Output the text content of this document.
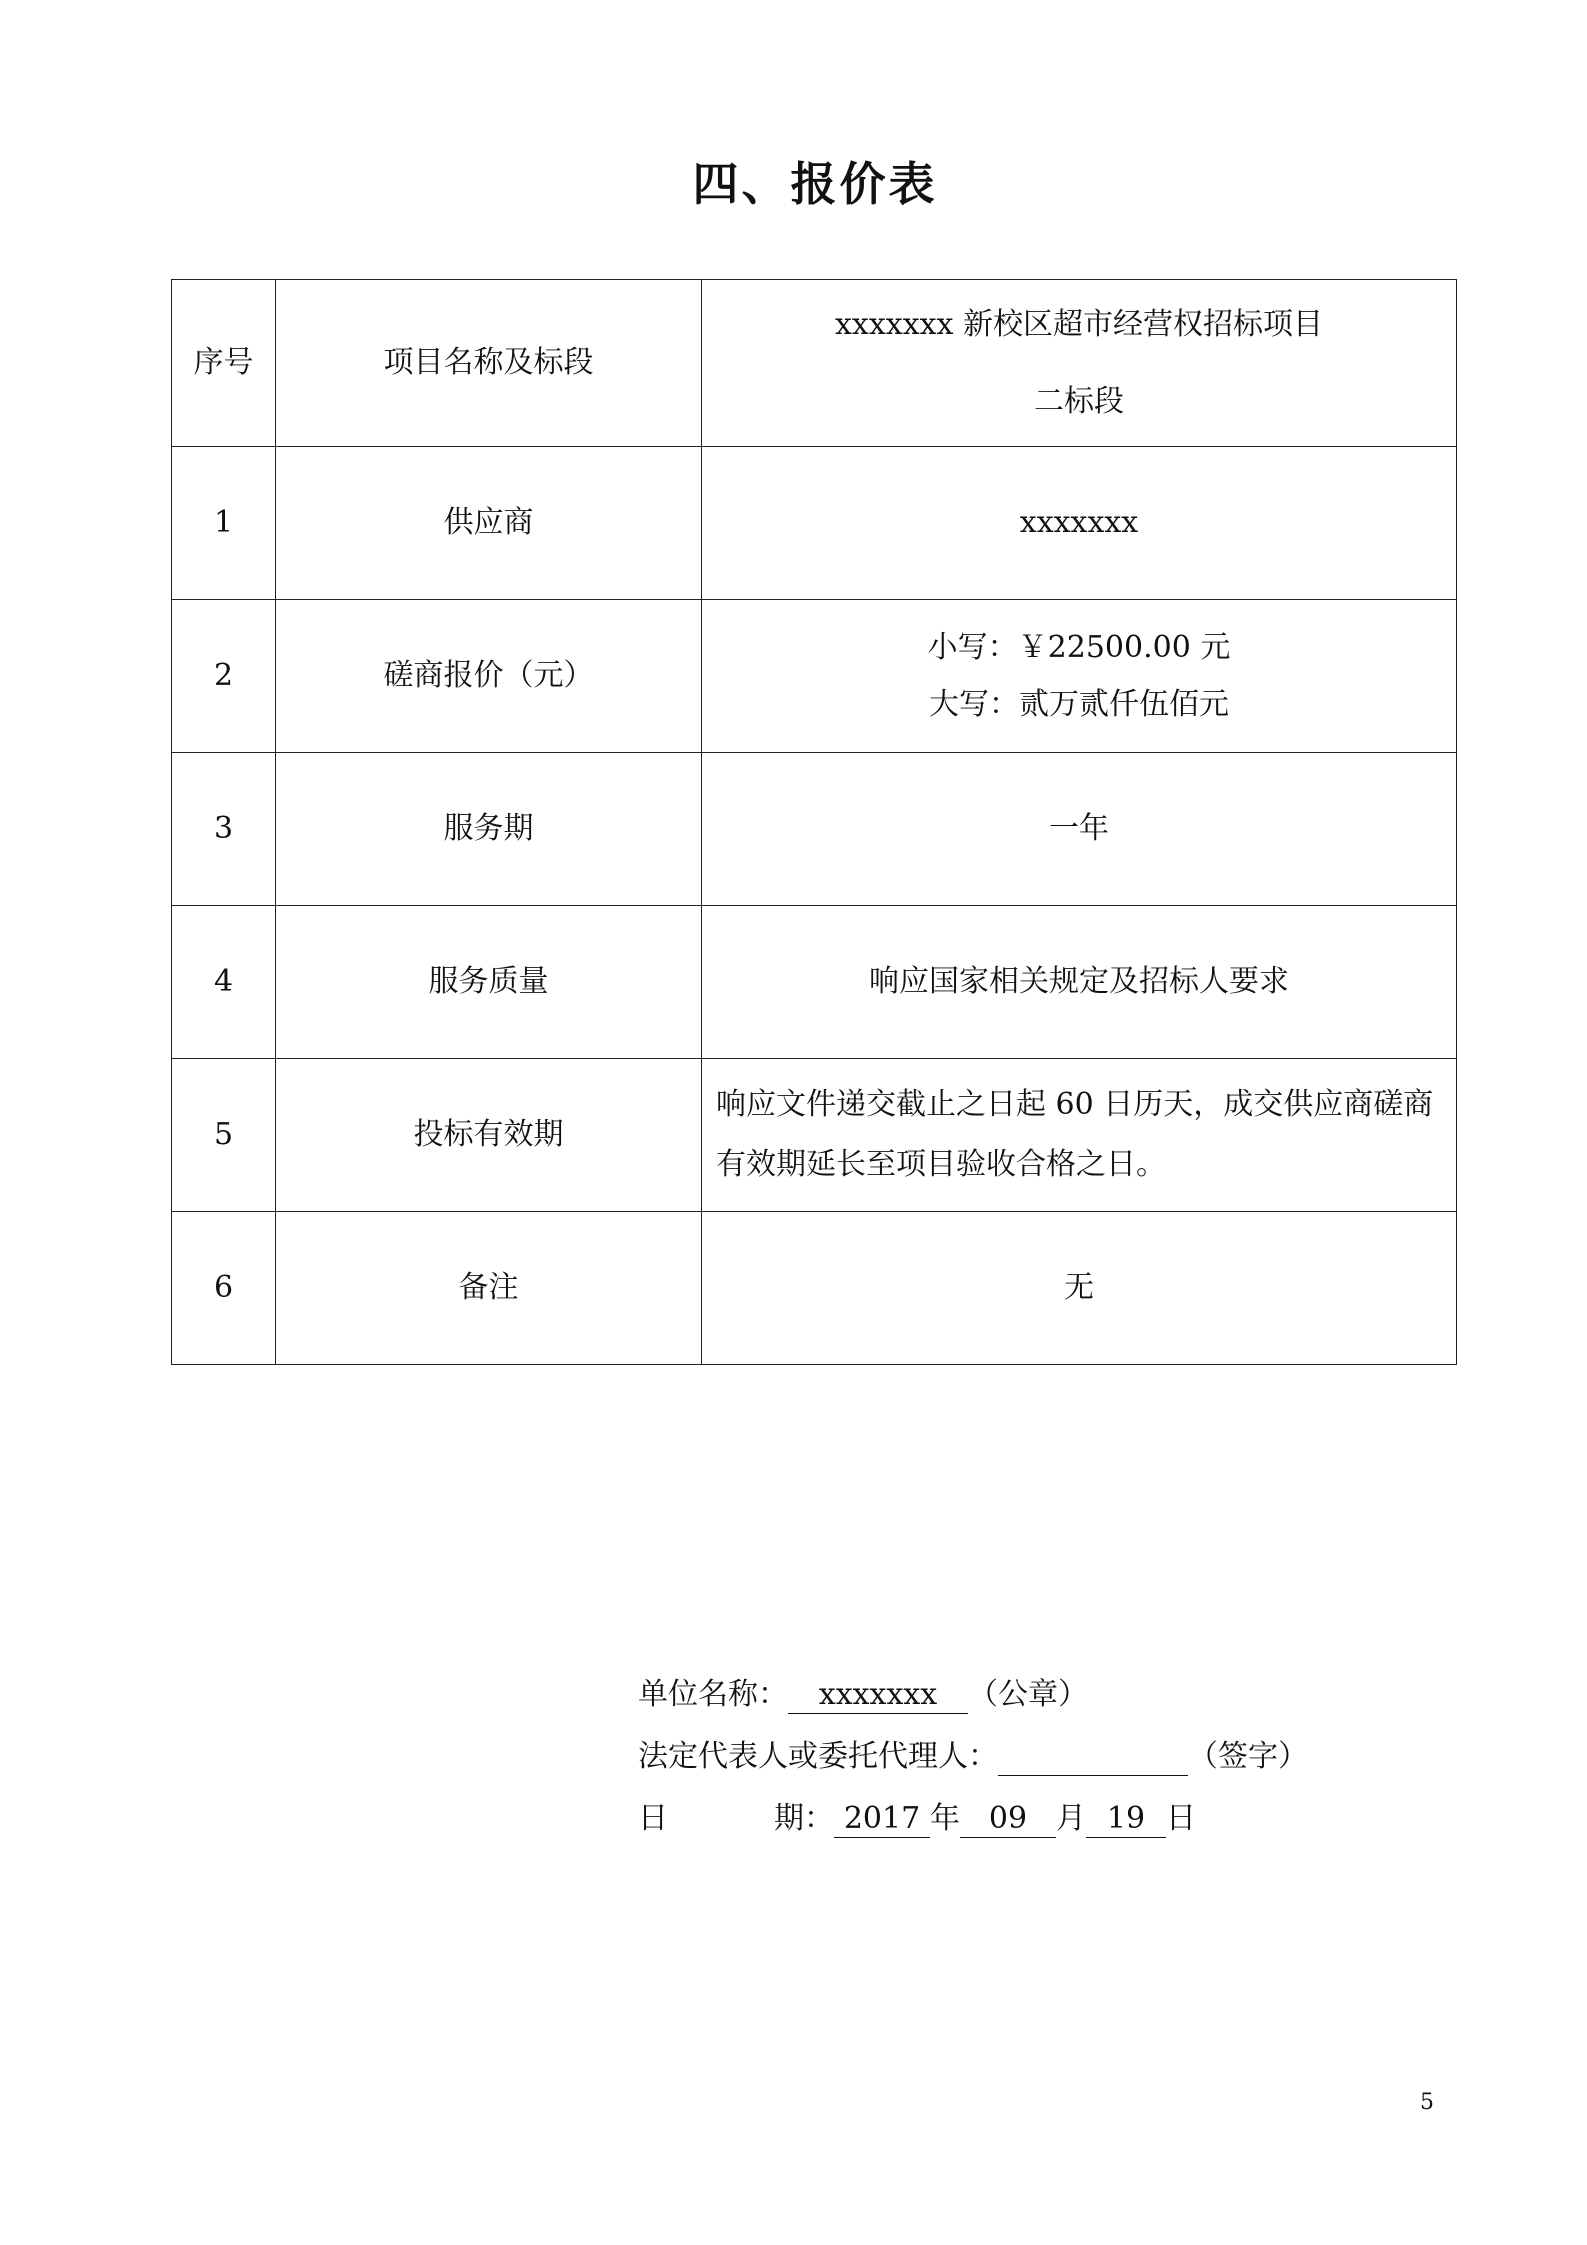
四、报价表
序号	项目名称及标段	xxxxxxx 新校区超市经营权招标项目
二标段

1	供应商	xxxxxxx
2	磋商报价（元）	小写：￥22500.00 元
大写：贰万贰仟伍佰元

3	服务期	一年
4	服务质量	响应国家相关规定及招标人要求
5	投标有效期	响应文件递交截止之日起 60 日历天，成交供应商磋商有效期延长至项目验收合格之日。
6	备注	无
单位名称： xxxxxxx （公章）
法定代表人或委托代理人：	（签字）
日	期： 2017 年 09 月 19 日
5
